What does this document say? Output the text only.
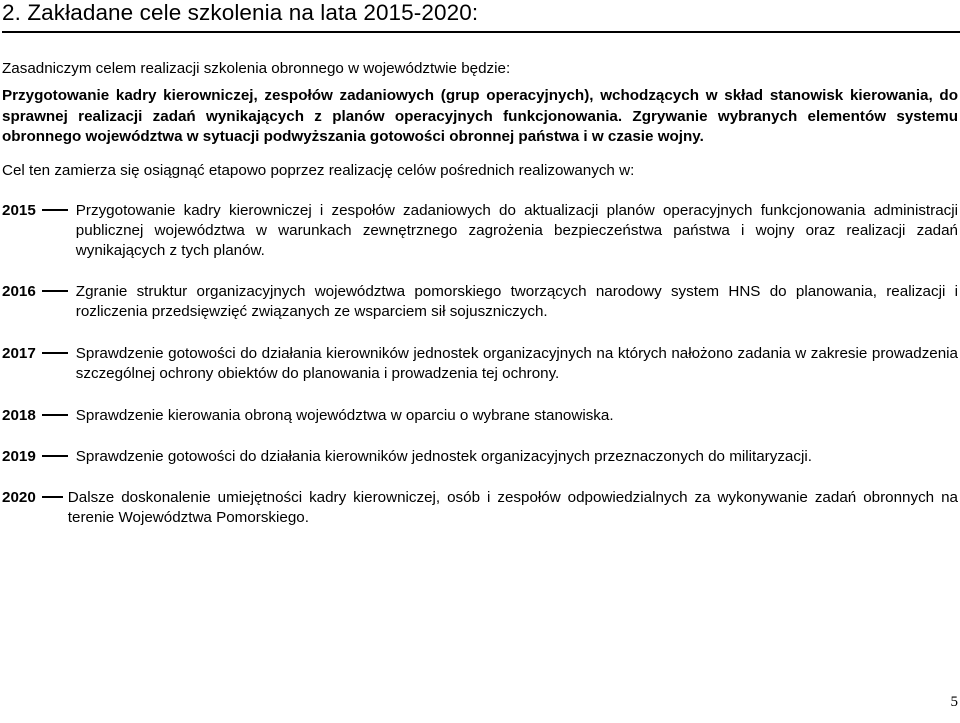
2. Zakładane cele szkolenia na lata 2015-2020:
Zasadniczym celem realizacji szkolenia obronnego w województwie będzie:
Przygotowanie kadry kierowniczej, zespołów zadaniowych (grup operacyjnych), wchodzących w skład stanowisk kierowania, do sprawnej realizacji zadań wynikających z planów operacyjnych funkcjonowania. Zgrywanie wybranych elementów systemu obronnego województwa w sytuacji podwyższania gotowości obronnej państwa i w czasie wojny.
Cel ten zamierza się osiągnąć etapowo poprzez realizację celów pośrednich realizowanych w:
2015	Przygotowanie kadry kierowniczej i zespołów zadaniowych do aktualizacji planów operacyjnych funkcjonowania administracji publicznej województwa w warunkach zewnętrznego zagrożenia bezpieczeństwa państwa i wojny oraz realizacji zadań wynikających z tych planów.
2016	Zgranie struktur organizacyjnych województwa pomorskiego tworzących narodowy system HNS do planowania, realizacji i rozliczenia przedsięwzięć związanych ze wsparciem sił sojuszniczych.
2017	Sprawdzenie gotowości do działania kierowników jednostek organizacyjnych na których nałożono zadania w zakresie prowadzenia szczególnej ochrony obiektów do planowania i prowadzenia tej ochrony.
2018	Sprawdzenie kierowania obroną województwa w oparciu o wybrane stanowiska.
2019	Sprawdzenie gotowości do działania kierowników jednostek organizacyjnych przeznaczonych do militaryzacji.
2020	Dalsze doskonalenie umiejętności kadry kierowniczej, osób i zespołów odpowiedzialnych za wykonywanie zadań obronnych na terenie Województwa Pomorskiego.
5
